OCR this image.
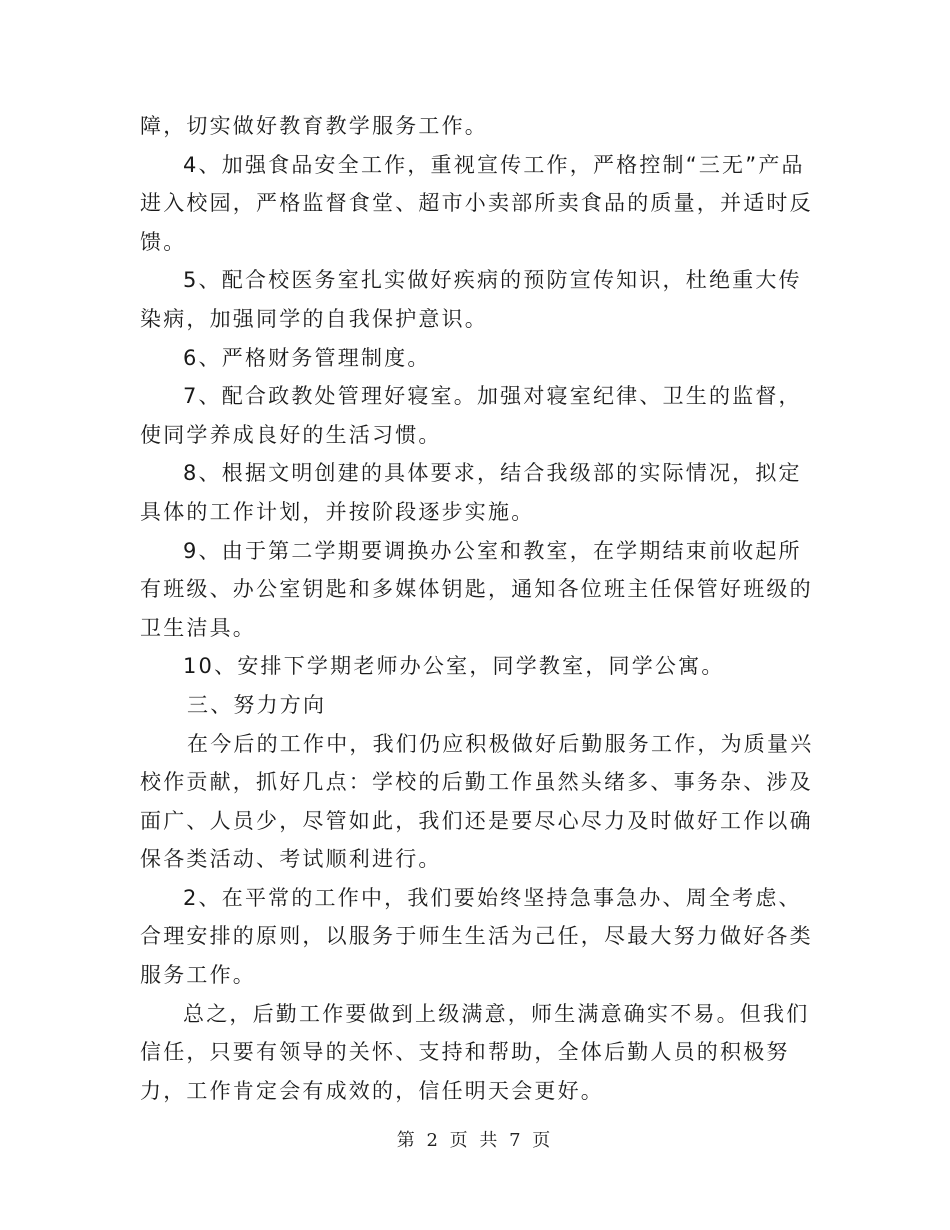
障，切实做好教育教学服务工作。

4、加强食品安全工作，重视宣传工作，严格控制“三无”产品进入校园，严格监督食堂、超市小卖部所卖食品的质量，并适时反馈。

5、配合校医务室扎实做好疾病的预防宣传知识，杜绝重大传染病，加强同学的自我保护意识。

6、严格财务管理制度。

7、配合政教处管理好寝室。加强对寝室纪律、卫生的监督，使同学养成良好的生活习惯。

8、根据文明创建的具体要求，结合我级部的实际情况，拟定具体的工作计划，并按阶段逐步实施。

9、由于第二学期要调换办公室和教室，在学期结束前收起所有班级、办公室钥匙和多媒体钥匙，通知各位班主任保管好班级的卫生洁具。

10、安排下学期老师办公室，同学教室，同学公寓。

三、努力方向

在今后的工作中，我们仍应积极做好后勤服务工作，为质量兴校作贡献，抓好几点：学校的后勤工作虽然头绪多、事务杂、涉及面广、人员少，尽管如此，我们还是要尽心尽力及时做好工作以确保各类活动、考试顺利进行。

2、在平常的工作中，我们要始终坚持急事急办、周全考虑、合理安排的原则，以服务于师生生活为己任，尽最大努力做好各类服务工作。

总之，后勤工作要做到上级满意，师生满意确实不易。但我们信任，只要有领导的关怀、支持和帮助，全体后勤人员的积极努力，工作肯定会有成效的，信任明天会更好。

第 2 页 共 7 页
